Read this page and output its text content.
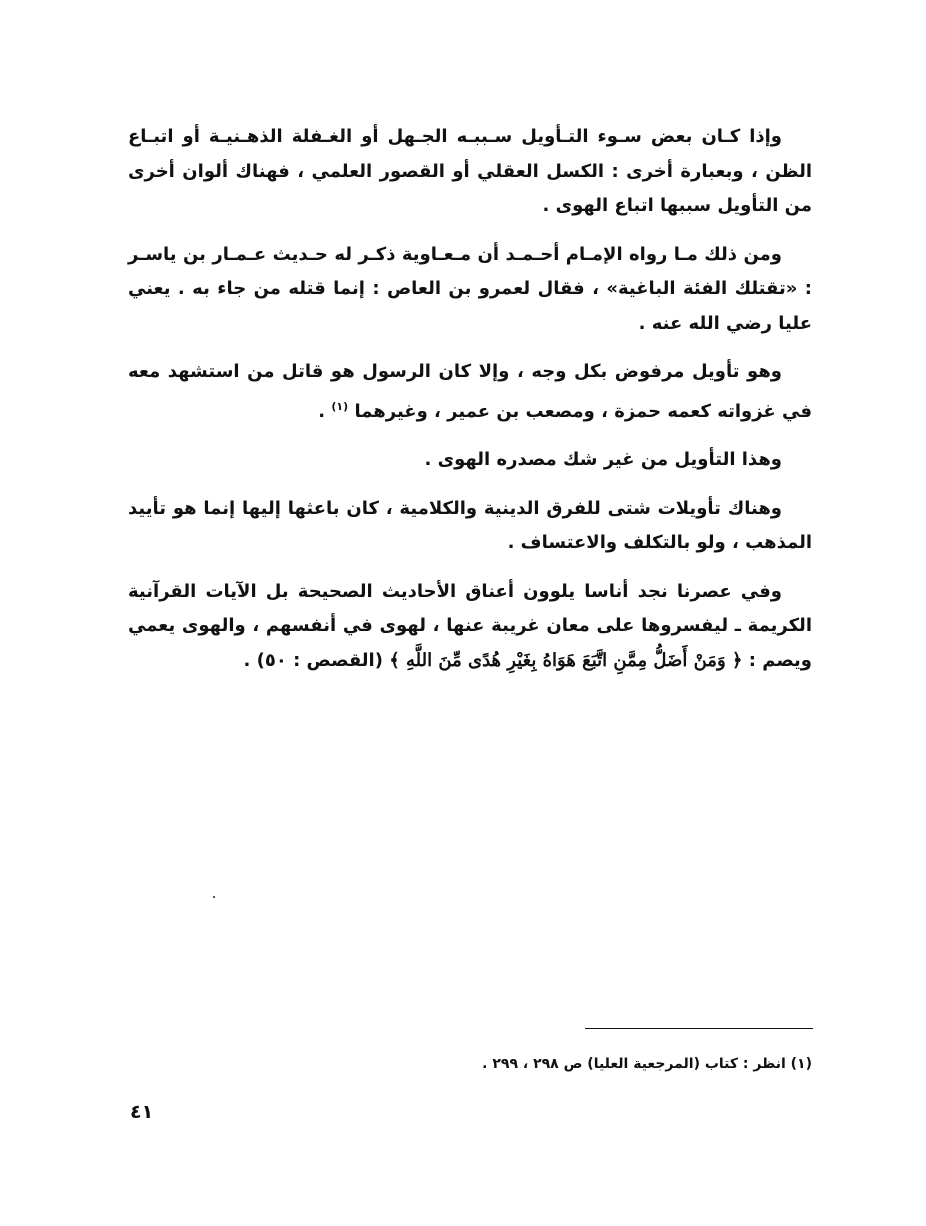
وإذا كـان بعض سـوء التـأويل سـببـه الجـهل أو الغـفلة الذهـنيـة أو اتبـاع الظن ، وبعبارة أخرى : الكسل العقلي أو القصور العلمي ، فهناك ألوان أخرى من التأويل سببها اتباع الهوى .

ومن ذلك مـا رواه الإمـام أحـمـد أن مـعـاوية ذكـر له حـديث عـمـار بن ياسـر : «تقتلك الفئة الباغية» ، فقال لعمرو بن العاص : إنما قتله من جاء به . يعني عليا رضي الله عنه .

وهو تأويل مرفوض بكل وجه ، وإلا كان الرسول هو قاتل من استشهد معه في غزواته كعمه حمزة ، ومصعب بن عمير ، وغيرهما $^{(١)}$ .

وهذا التأويل من غير شك مصدره الهوى .

وهناك تأويلات شتى للفرق الدينية والكلامية ، كان باعثها إليها إنما هو تأييد المذهب ، ولو بالتكلف والاعتساف .

وفي عصرنا نجد أناسا يلوون أعناق الأحاديث الصحيحة بل الآيات القرآنية الكريمة ـ ليفسروها على معان غريبة عنها ، لهوى في أنفسهم ، والهوى يعمي ويصم : ﴿ وَمَنْ أَضَلُّ مِمَّنِ اتَّبَعَ هَوَاهُ بِغَيْرِ هُدًى مِّنَ اللَّهِ ﴾ (القصص : ٥٠) .

(١) انظر : كتاب (المرجعية العليا) ص ٢٩٨ ، ٢٩٩ .
٤١
